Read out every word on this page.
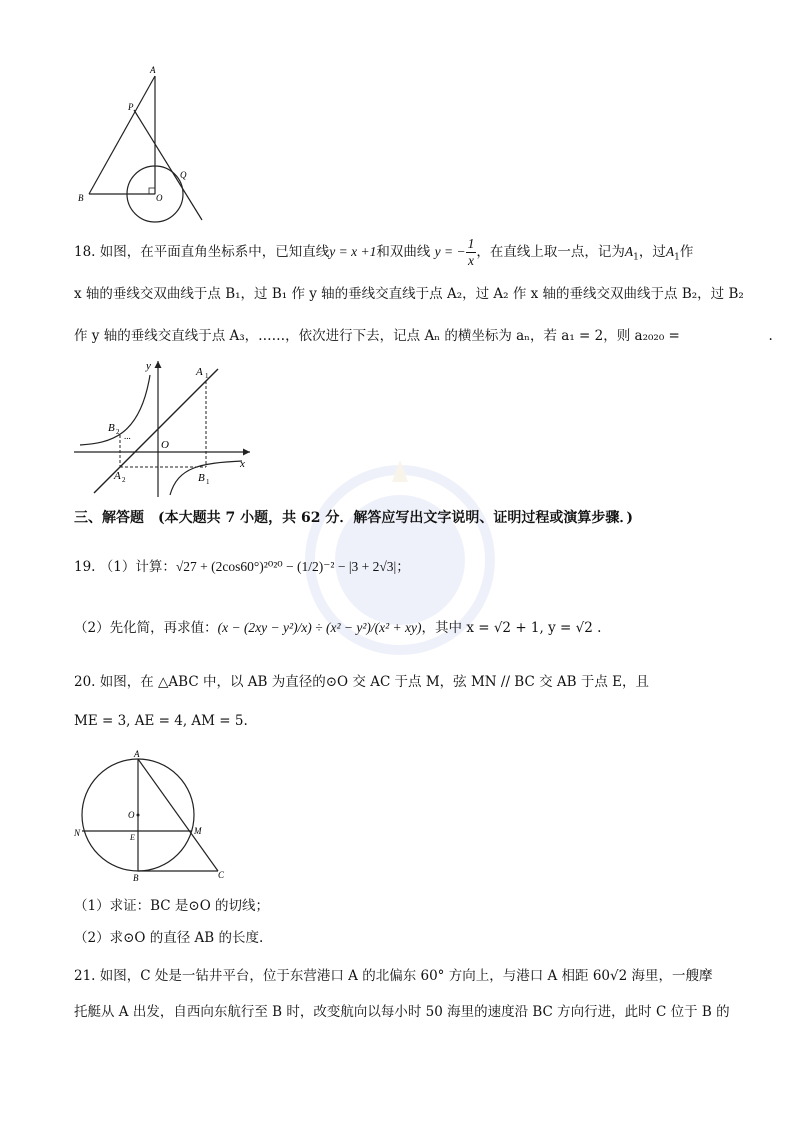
A
P
Q
B	O
18. 如图，在平面直角坐标系中，已知直线y = x +1和双曲线 y = − $\frac{1}{x}$ ，在直线上取一点，记为$A_1$，过$A_1$作
x 轴的垂线交双曲线于点 B₁，过 B₁ 作 y 轴的垂线交直线于点 A₂，过 A₂ 作 x 轴的垂线交双曲线于点 B₂，过 B₂
作 y 轴的垂线交直线于点 A₃，……，依次进行下去，记点 Aₙ 的横坐标为 aₙ，若 a₁ = 2，则 a₂₀₂₀ =	.
y
x
O
A 1
B 2 ...
A 2	B 1
三、解答题　(本大题共 7 小题，共 62 分．解答应写出文字说明、证明过程或演算步骤．)
19. （1）计算：√27 + (2cos60°)²⁰²⁰ − (1/2)⁻² − |3 + 2√3|；
（2）先化简，再求值：(x − (2xy − y²)/x) ÷ (x² − y²)/(x² + xy)，其中 x = √2 + 1, y = √2 .
20. 如图，在 △ABC 中，以 AB 为直径的⊙O 交 AC 于点 M，弦 MN // BC 交 AB 于点 E，且
ME = 3, AE = 4, AM = 5.
A
O
N	E
M
B	C
（1）求证：BC 是⊙O 的切线；
（2）求⊙O 的直径 AB 的长度.
21. 如图，C 处是一钻井平台，位于东营港口 A 的北偏东 60° 方向上，与港口 A 相距 60√2 海里，一艘摩
托艇从 A 出发，自西向东航行至 B 时，改变航向以每小时 50 海里的速度沿 BC 方向行进，此时 C 位于 B 的
